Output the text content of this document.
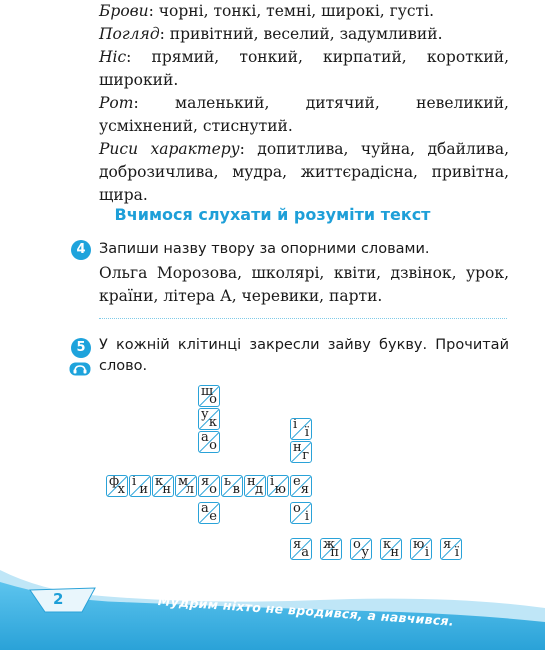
Брови: чорні, тонкі, темні, широкі, густі.

Погляд: привітний, веселий, задумливий.

Ніс: прямий, тонкий, кирпатий, короткий, широкий.

Рот: маленький, дитячий, невеликий, усміхнений, стиснутий.

Риси характеру: допитлива, чуйна, дбайлива, доброзичлива, мудра, життєрадісна, привітна, щира.

Вчимося слухати й розуміти текст
4 Запиши назву твору за опорними словами.
Ольга Морозова, школярі, квіти, дзвінок, урок, країни, літера А, черевики, парти.
5 У кожній клітинці закресли зайву букву. Прочитай слово.
ш
о
у
к
а
о
ф
х
і
и
к
н
м
л
я
о
ь
в
н
д
і
ю
е
я
а
е
і
ї
н
г
о
і
я
а
ж
п
о
у
к
н
ю
і
я
ї
2	Мудрим ніхто не вродився, а навчився.
